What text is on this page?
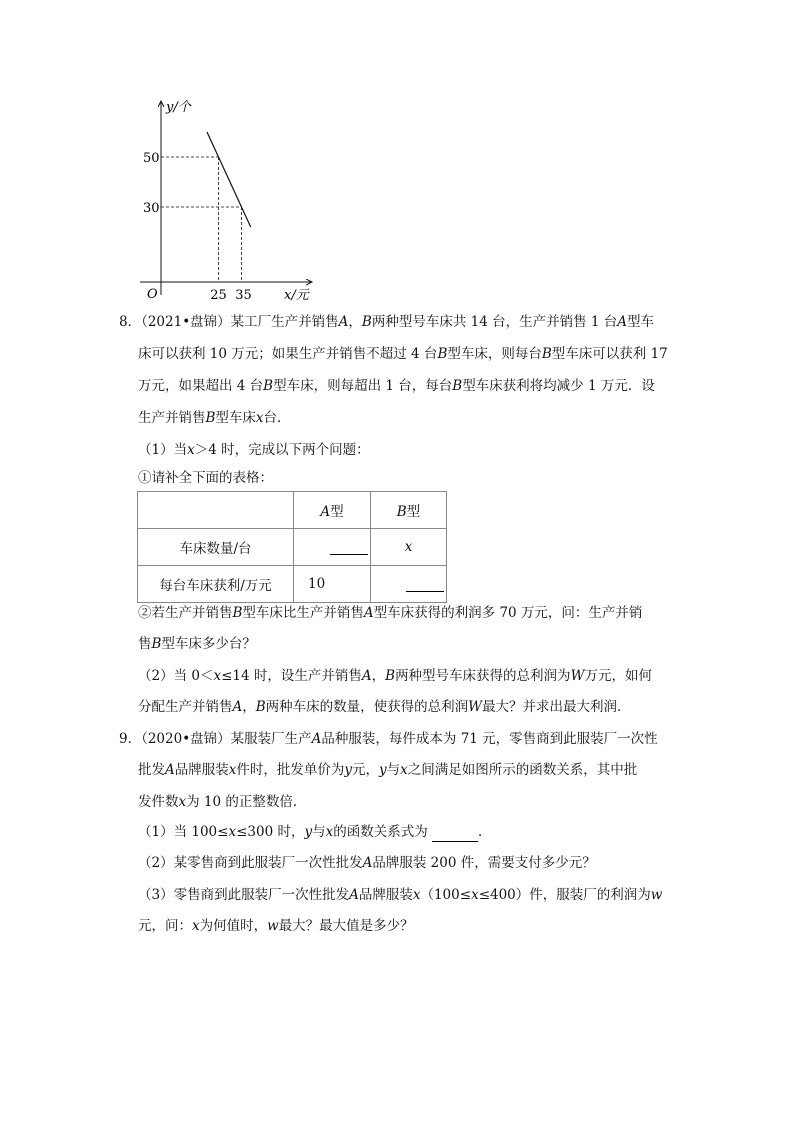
y/个
x/元
O
50
30
25 35
8．（2021•盘锦）某工厂生产并销售A，B两种型号车床共 14 台，生产并销售 1 台A型车
床可以获利 10 万元；如果生产并销售不超过 4 台B型车床，则每台B型车床可以获利 17
万元，如果超出 4 台B型车床，则每超出 1 台，每台B型车床获利将均减少 1 万元．设
生产并销售B型车床x台．
（1）当x＞4 时，完成以下两个问题：
①请补全下面的表格：
	A型	B型
车床数量/台		x
每台车床获利/万元	10	
②若生产并销售B型车床比生产并销售A型车床获得的利润多 70 万元，问：生产并销
售B型车床多少台？
（2）当 0＜x≤14 时，设生产并销售A，B两种型号车床获得的总利润为W万元，如何
分配生产并销售A，B两种车床的数量，使获得的总利润W最大？并求出最大利润．
9．（2020•盘锦）某服装厂生产A品种服装，每件成本为 71 元，零售商到此服装厂一次性
批发A品牌服装x件时，批发单价为y元，y与x之间满足如图所示的函数关系，其中批
发件数x为 10 的正整数倍．
（1）当 100≤x≤300 时，y与x的函数关系式为	．
（2）某零售商到此服装厂一次性批发A品牌服装 200 件，需要支付多少元？
（3）零售商到此服装厂一次性批发A品牌服装x（100≤x≤400）件，服装厂的利润为w
元，问：x为何值时，w最大？最大值是多少？
